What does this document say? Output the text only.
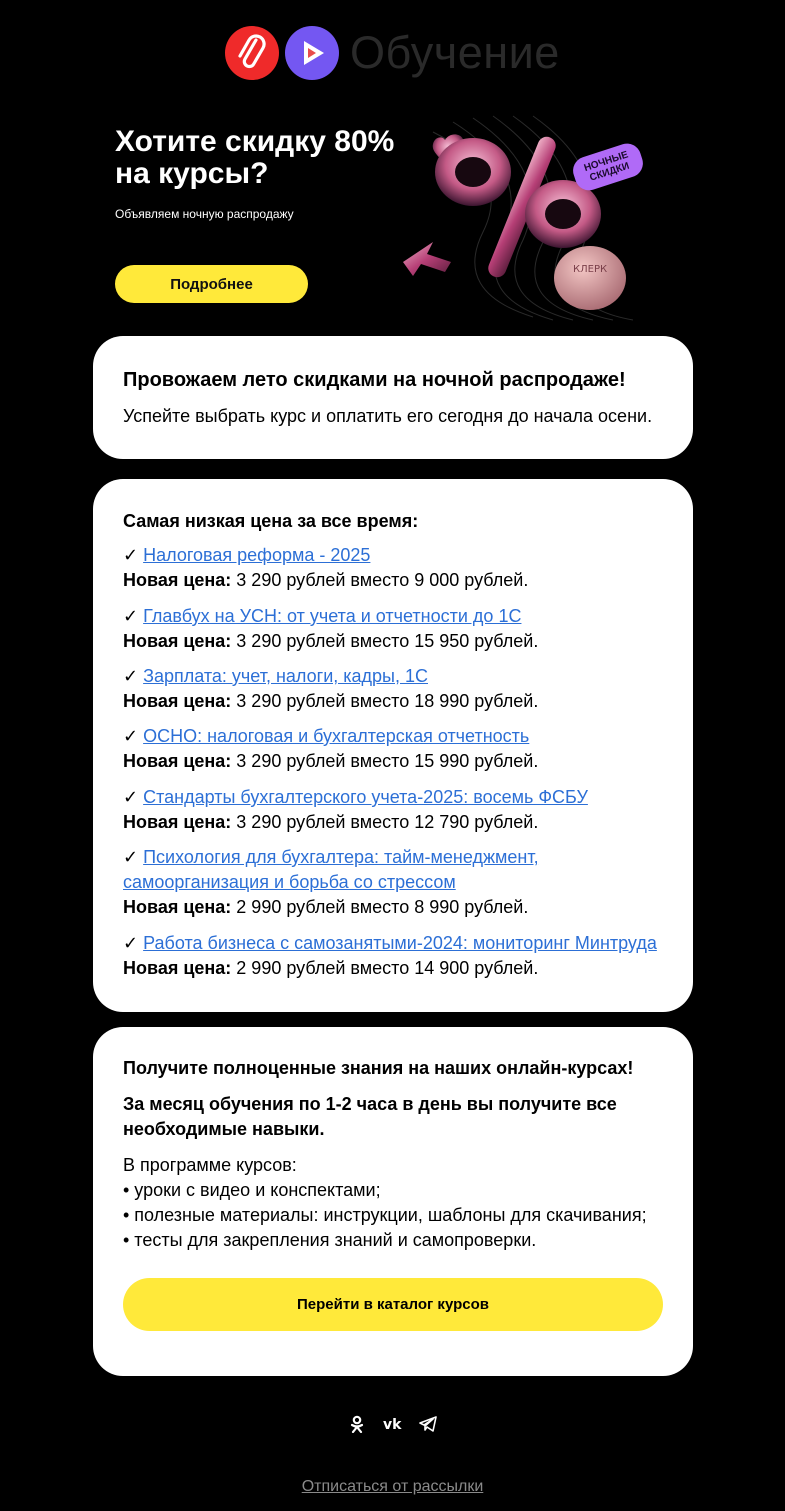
Обучение
Хотите скидку 80%
на курсы?
Объявляем ночную распродажу
Подробнее
КЛЕРК
НОЧНЫЕ
СКИДКИ
Провожаем лето скидками на ночной распродаже!
Успейте выбрать курс и оплатить его сегодня до начала осени.
Самая низкая цена за все время:
✓ Налоговая реформа - 2025
Новая цена: 3 290 рублей вместо 9 000 рублей.
✓ Главбух на УСН: от учета и отчетности до 1С
Новая цена: 3 290 рублей вместо 15 950 рублей.
✓ Зарплата: учет, налоги, кадры, 1С
Новая цена: 3 290 рублей вместо 18 990 рублей.
✓ ОСНО: налоговая и бухгалтерская отчетность
Новая цена: 3 290 рублей вместо 15 990 рублей.
✓ Стандарты бухгалтерского учета-2025: восемь ФСБУ
Новая цена: 3 290 рублей вместо 12 790 рублей.
✓ Психология для бухгалтера: тайм-менеджмент, самоорганизация и борьба со стрессом
Новая цена: 2 990 рублей вместо 8 990 рублей.
✓ Работа бизнеса с самозанятыми-2024: мониторинг Минтруда
Новая цена: 2 990 рублей вместо 14 900 рублей.
Получите полноценные знания на наших онлайн-курсах!
За месяц обучения по 1-2 часа в день вы получите все необходимые навыки.
В программе курсов:
• уроки с видео и конспектами;
• полезные материалы: инструкции, шаблоны для скачивания;
• тесты для закрепления знаний и самопроверки.
Перейти в каталог курсов
vk
Отписаться от рассылки
